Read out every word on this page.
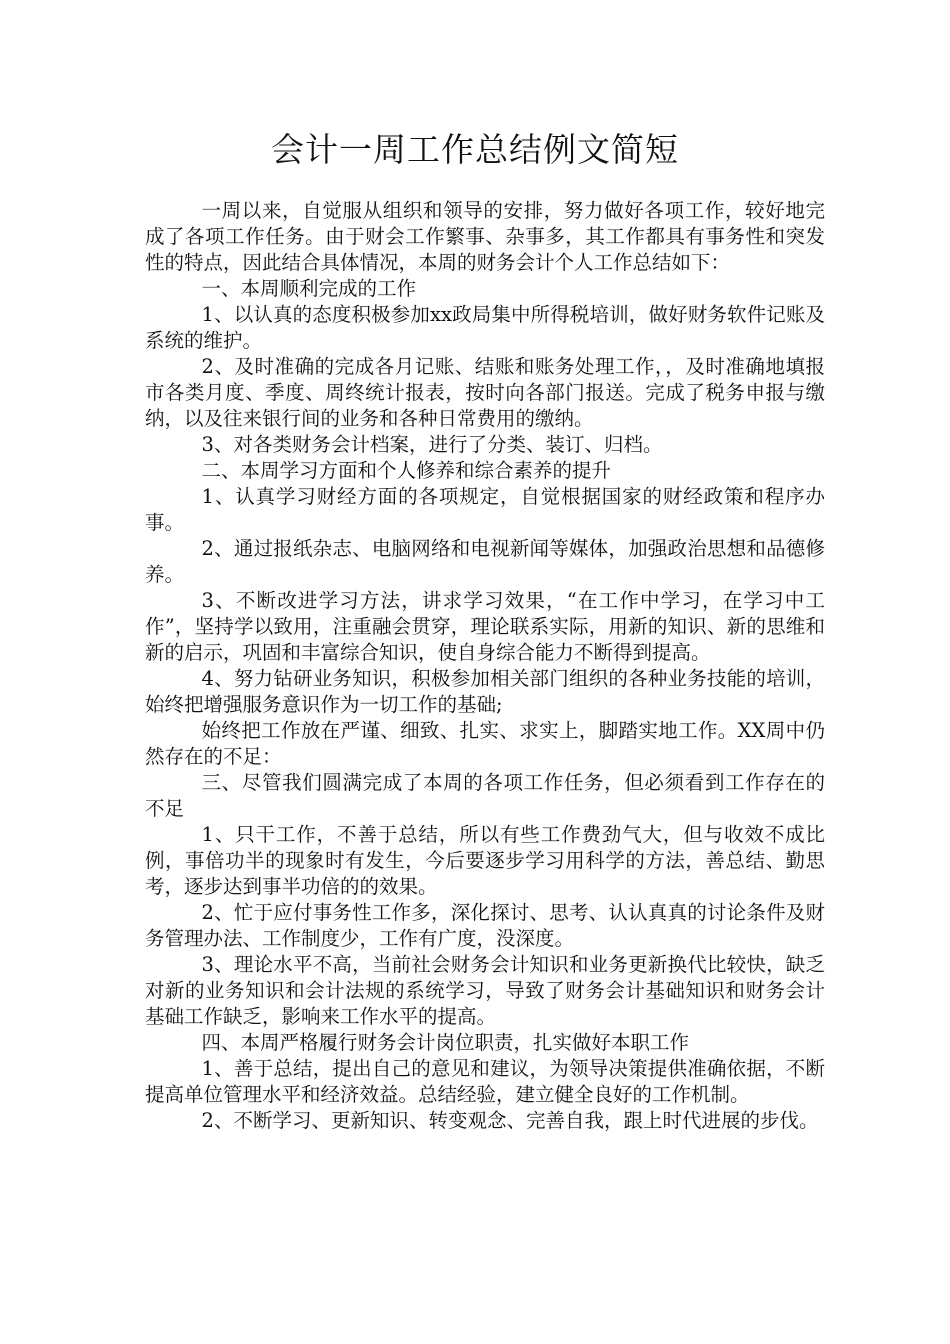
会计一周工作总结例文简短

一周以来，自觉服从组织和领导的安排，努力做好各项工作，较好地完成了各项工作任务。由于财会工作繁事、杂事多，其工作都具有事务性和突发性的特点，因此结合具体情况，本周的财务会计个人工作总结如下：

一、本周顺利完成的工作

1、以认真的态度积极参加xx政局集中所得税培训，做好财务软件记账及系统的维护。

2、及时准确的完成各月记账、结账和账务处理工作，，及时准确地填报市各类月度、季度、周终统计报表，按时向各部门报送。完成了税务申报与缴纳，以及往来银行间的业务和各种日常费用的缴纳。

3、对各类财务会计档案，进行了分类、装订、归档。

二、本周学习方面和个人修养和综合素养的提升

1、认真学习财经方面的各项规定，自觉根据国家的财经政策和程序办事。

2、通过报纸杂志、电脑网络和电视新闻等媒体，加强政治思想和品德修养。

3、不断改进学习方法，讲求学习效果，“在工作中学习，在学习中工作”，坚持学以致用，注重融会贯穿，理论联系实际，用新的知识、新的思维和新的启示，巩固和丰富综合知识，使自身综合能力不断得到提高。

4、努力钻研业务知识，积极参加相关部门组织的各种业务技能的培训，始终把增强服务意识作为一切工作的基础;

始终把工作放在严谨、细致、扎实、求实上，脚踏实地工作。XX周中仍然存在的不足：

三、尽管我们圆满完成了本周的各项工作任务，但必须看到工作存在的不足

1、只干工作，不善于总结，所以有些工作费劲气大，但与收效不成比例，事倍功半的现象时有发生，今后要逐步学习用科学的方法，善总结、勤思考，逐步达到事半功倍的的效果。

2、忙于应付事务性工作多，深化探讨、思考、认认真真的讨论条件及财务管理办法、工作制度少，工作有广度，没深度。

3、理论水平不高，当前社会财务会计知识和业务更新换代比较快，缺乏对新的业务知识和会计法规的系统学习，导致了财务会计基础知识和财务会计基础工作缺乏，影响来工作水平的提高。

四、本周严格履行财务会计岗位职责，扎实做好本职工作

1、善于总结，提出自己的意见和建议，为领导决策提供准确依据，不断提高单位管理水平和经济效益。总结经验，建立健全良好的工作机制。

2、不断学习、更新知识、转变观念、完善自我，跟上时代进展的步伐。
